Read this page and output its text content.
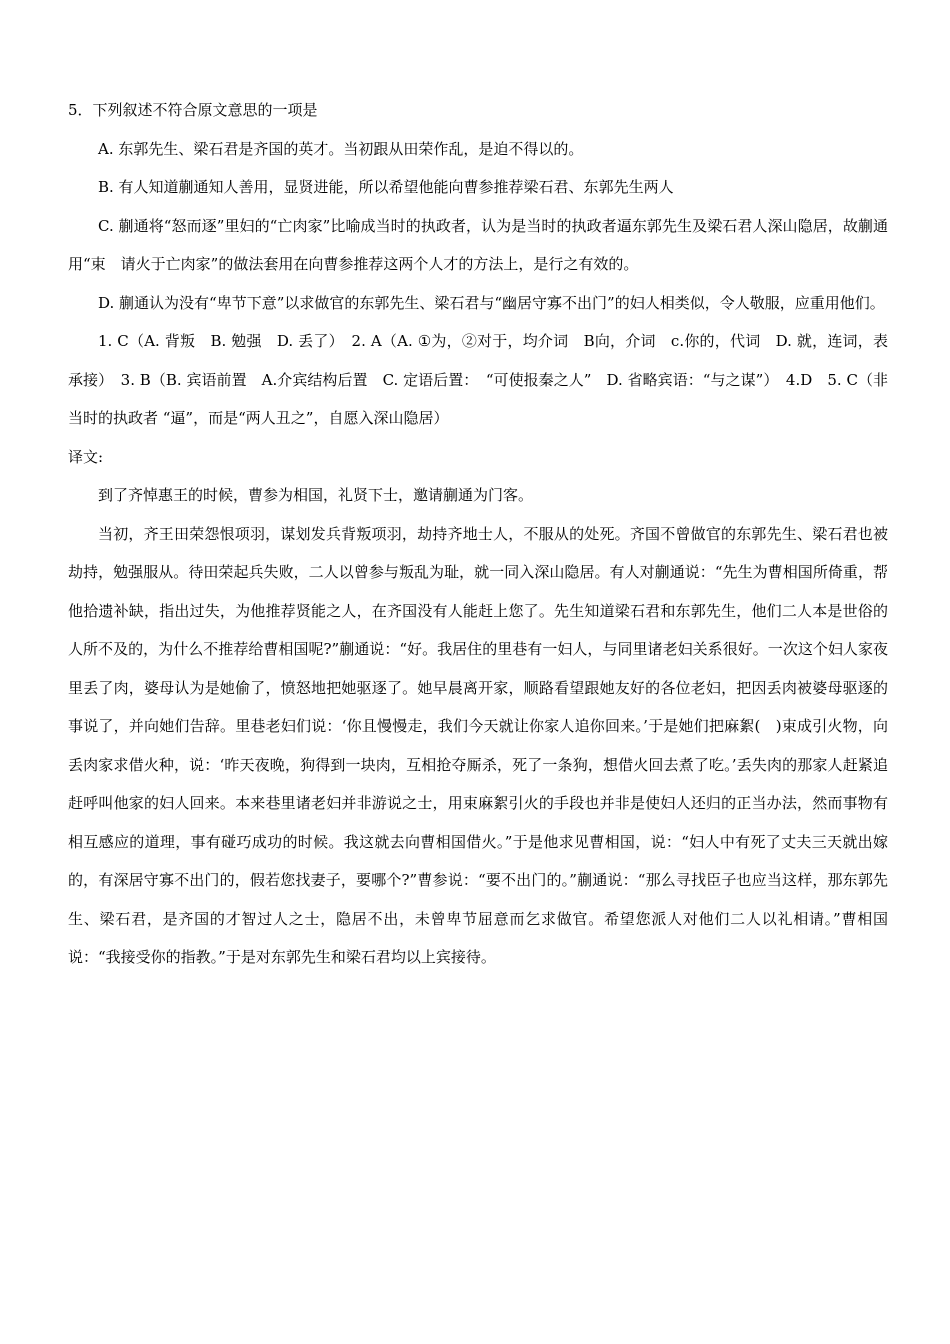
5．下列叙述不符合原文意思的一项是

A. 东郭先生、梁石君是齐国的英才。当初跟从田荣作乱，是迫不得以的。

B. 有人知道蒯通知人善用，显贤进能，所以希望他能向曹参推荐梁石君、东郭先生两人

C. 蒯通将“怒而逐”里妇的“亡肉家”比喻成当时的执政者，认为是当时的执政者逼东郭先生及梁石君人深山隐居，故蒯通用“束　请火于亡肉家”的做法套用在向曹参推荐这两个人才的方法上，是行之有效的。

D. 蒯通认为没有“卑节下意”以求做官的东郭先生、梁石君与“幽居守寡不出门”的妇人相类似，令人敬服，应重用他们。

1. C（A. 背叛　B. 勉强　D. 丢了）　2. A（A. ①为，②对于，均介词　B向，介词　c.你的，代词　D. 就，连词，表承接）　3. B（B. 宾语前置　A.介宾结构后置　C. 定语后置：　“可使报秦之人”　D. 省略宾语：“与之谋”）　4.D　5. C（非当时的执政者 “逼”，而是“两人丑之”，自愿入深山隐居）

译文:

到了齐悼惠王的时候，曹参为相国，礼贤下士，邀请蒯通为门客。

当初，齐王田荣怨恨项羽，谋划发兵背叛项羽，劫持齐地士人，不服从的处死。齐国不曾做官的东郭先生、梁石君也被劫持，勉强服从。待田荣起兵失败，二人以曾参与叛乱为耻，就一同入深山隐居。有人对蒯通说：“先生为曹相国所倚重，帮他拾遗补缺，指出过失，为他推荐贤能之人，在齐国没有人能赶上您了。先生知道梁石君和东郭先生，他们二人本是世俗的人所不及的，为什么不推荐给曹相国呢?”蒯通说：“好。我居住的里巷有一妇人，与同里诸老妇关系很好。一次这个妇人家夜里丢了肉，婆母认为是她偷了，愤怒地把她驱逐了。她早晨离开家，顺路看望跟她友好的各位老妇，把因丢肉被婆母驱逐的事说了，并向她们告辞。里巷老妇们说：‘你且慢慢走，我们今天就让你家人追你回来。’于是她们把麻絮(　)束成引火物，向丢肉家求借火种，说：‘昨天夜晚，狗得到一块肉，互相抢夺厮杀，死了一条狗，想借火回去煮了吃。’丢失肉的那家人赶紧追赶呼叫他家的妇人回来。本来巷里诸老妇并非游说之士，用束麻絮引火的手段也并非是使妇人还归的正当办法，然而事物有相互感应的道理，事有碰巧成功的时候。我这就去向曹相国借火。”于是他求见曹相国，说：“妇人中有死了丈夫三天就出嫁的，有深居守寡不出门的，假若您找妻子，要哪个?”曹参说：“要不出门的。”蒯通说：“那么寻找臣子也应当这样，那东郭先生、梁石君，是齐国的才智过人之士，隐居不出，未曾卑节屈意而乞求做官。希望您派人对他们二人以礼相请。”曹相国说：“我接受你的指教。”于是对东郭先生和梁石君均以上宾接待。
